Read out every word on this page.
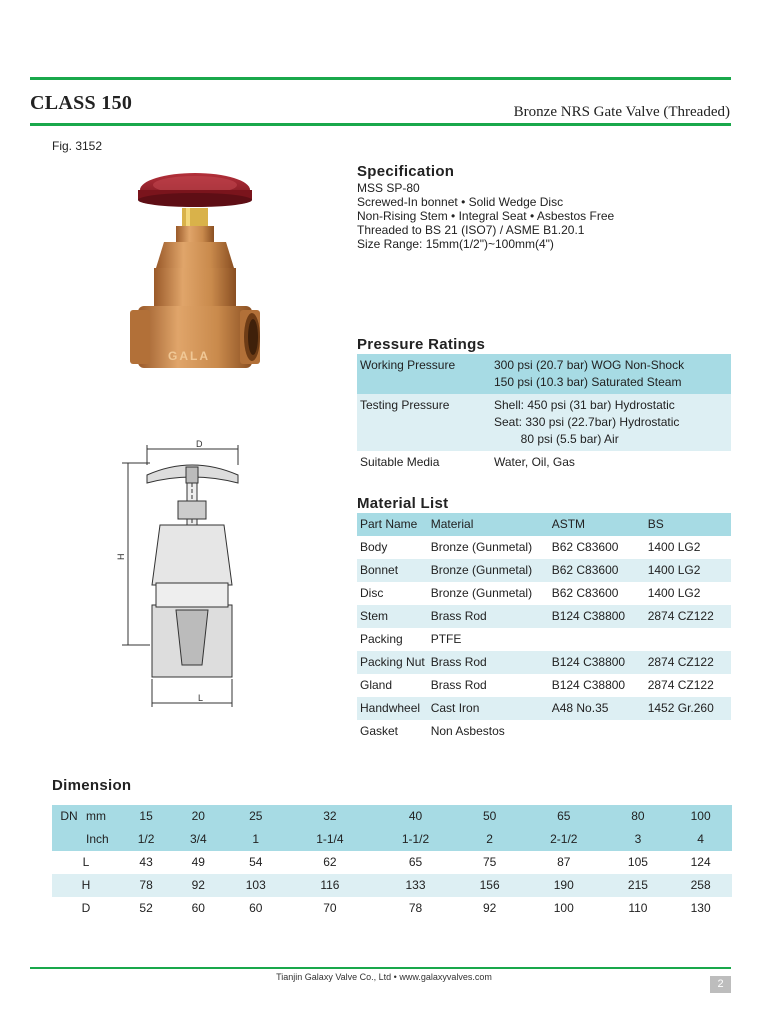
CLASS 150	Bronze NRS Gate Valve (Threaded)
Fig. 3152
GALA
D
H
L
Specification
MSS SP-80
Screwed-In bonnet • Solid Wedge Disc
Non-Rising Stem • Integral Seat • Asbestos Free
Threaded to BS 21 (ISO7) / ASME B1.20.1
Size Range: 15mm(1/2")~100mm(4")
Pressure Ratings
Working Pressure	300 psi (20.7 bar) WOG Non-Shock
150 psi (10.3 bar) Saturated Steam

Testing Pressure	Shell: 450 psi (31 bar) Hydrostatic
Seat: 330 psi (22.7bar) Hydrostatic
80 psi (5.5 bar) Air

Suitable Media	Water, Oil, Gas
Material List
Part Name	Material	ASTM	BS
Body	Bronze (Gunmetal)	B62 C83600	1400 LG2
Bonnet	Bronze (Gunmetal)	B62 C83600	1400 LG2
Disc	Bronze (Gunmetal)	B62 C83600	1400 LG2
Stem	Brass Rod	B124 C38800	2874 CZ122
Packing	PTFE		
Packing Nut	Brass Rod	B124 C38800	2874 CZ122
Gland	Brass Rod	B124 C38800	2874 CZ122
Handwheel	Cast Iron	A48 No.35	1452 Gr.260
Gasket	Non Asbestos		
Dimension
DN	mm	15	20	25	32	40	50	65	80	100
	Inch	1/2	3/4	1	1-1/4	1-1/2	2	2-1/2	3	4
L		43	49	54	62	65	75	87	105	124
H		78	92	103	116	133	156	190	215	258
D		52	60	60	70	78	92	100	110	130
Tianjin Galaxy Valve Co., Ltd • www.galaxyvalves.com
2
